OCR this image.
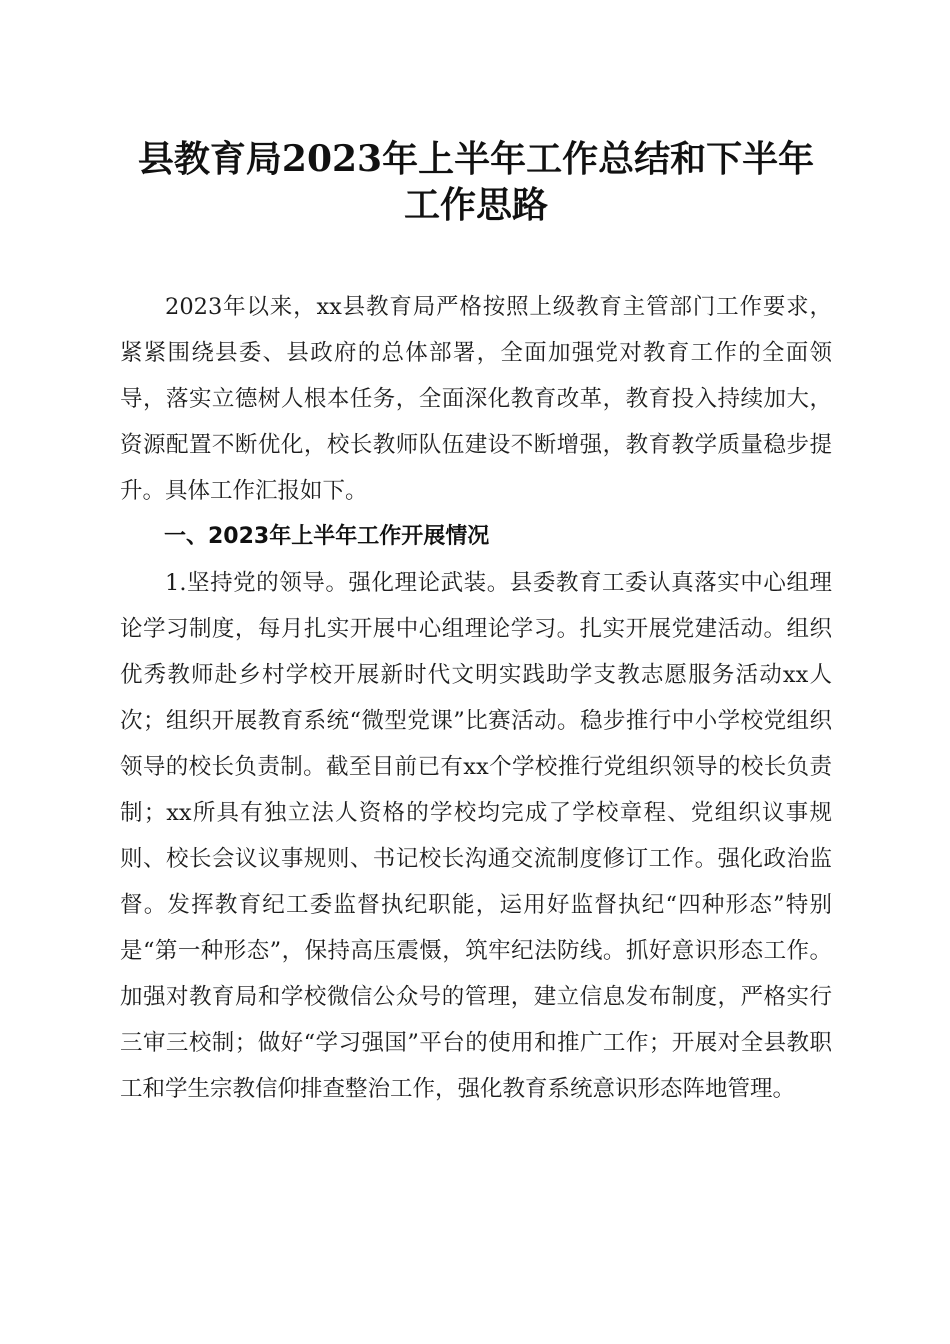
县教育局2023年上半年工作总结和下半年工作思路

2023年以来，xx县教育局严格按照上级教育主管部门工作要求，紧紧围绕县委、县政府的总体部署，全面加强党对教育工作的全面领导，落实立德树人根本任务，全面深化教育改革，教育投入持续加大，资源配置不断优化，校长教师队伍建设不断增强，教育教学质量稳步提升。具体工作汇报如下。

一、2023年上半年工作开展情况

1.坚持党的领导。强化理论武装。县委教育工委认真落实中心组理论学习制度，每月扎实开展中心组理论学习。扎实开展党建活动。组织优秀教师赴乡村学校开展新时代文明实践助学支教志愿服务活动xx人次；组织开展教育系统“微型党课”比赛活动。稳步推行中小学校党组织领导的校长负责制。截至目前已有xx个学校推行党组织领导的校长负责制；xx所具有独立法人资格的学校均完成了学校章程、党组织议事规则、校长会议议事规则、书记校长沟通交流制度修订工作。强化政治监督。发挥教育纪工委监督执纪职能，运用好监督执纪“四种形态”特别是“第一种形态”，保持高压震慑，筑牢纪法防线。抓好意识形态工作。加强对教育局和学校微信公众号的管理，建立信息发布制度，严格实行三审三校制；做好“学习强国”平台的使用和推广工作；开展对全县教职工和学生宗教信仰排查整治工作，强化教育系统意识形态阵地管理。
